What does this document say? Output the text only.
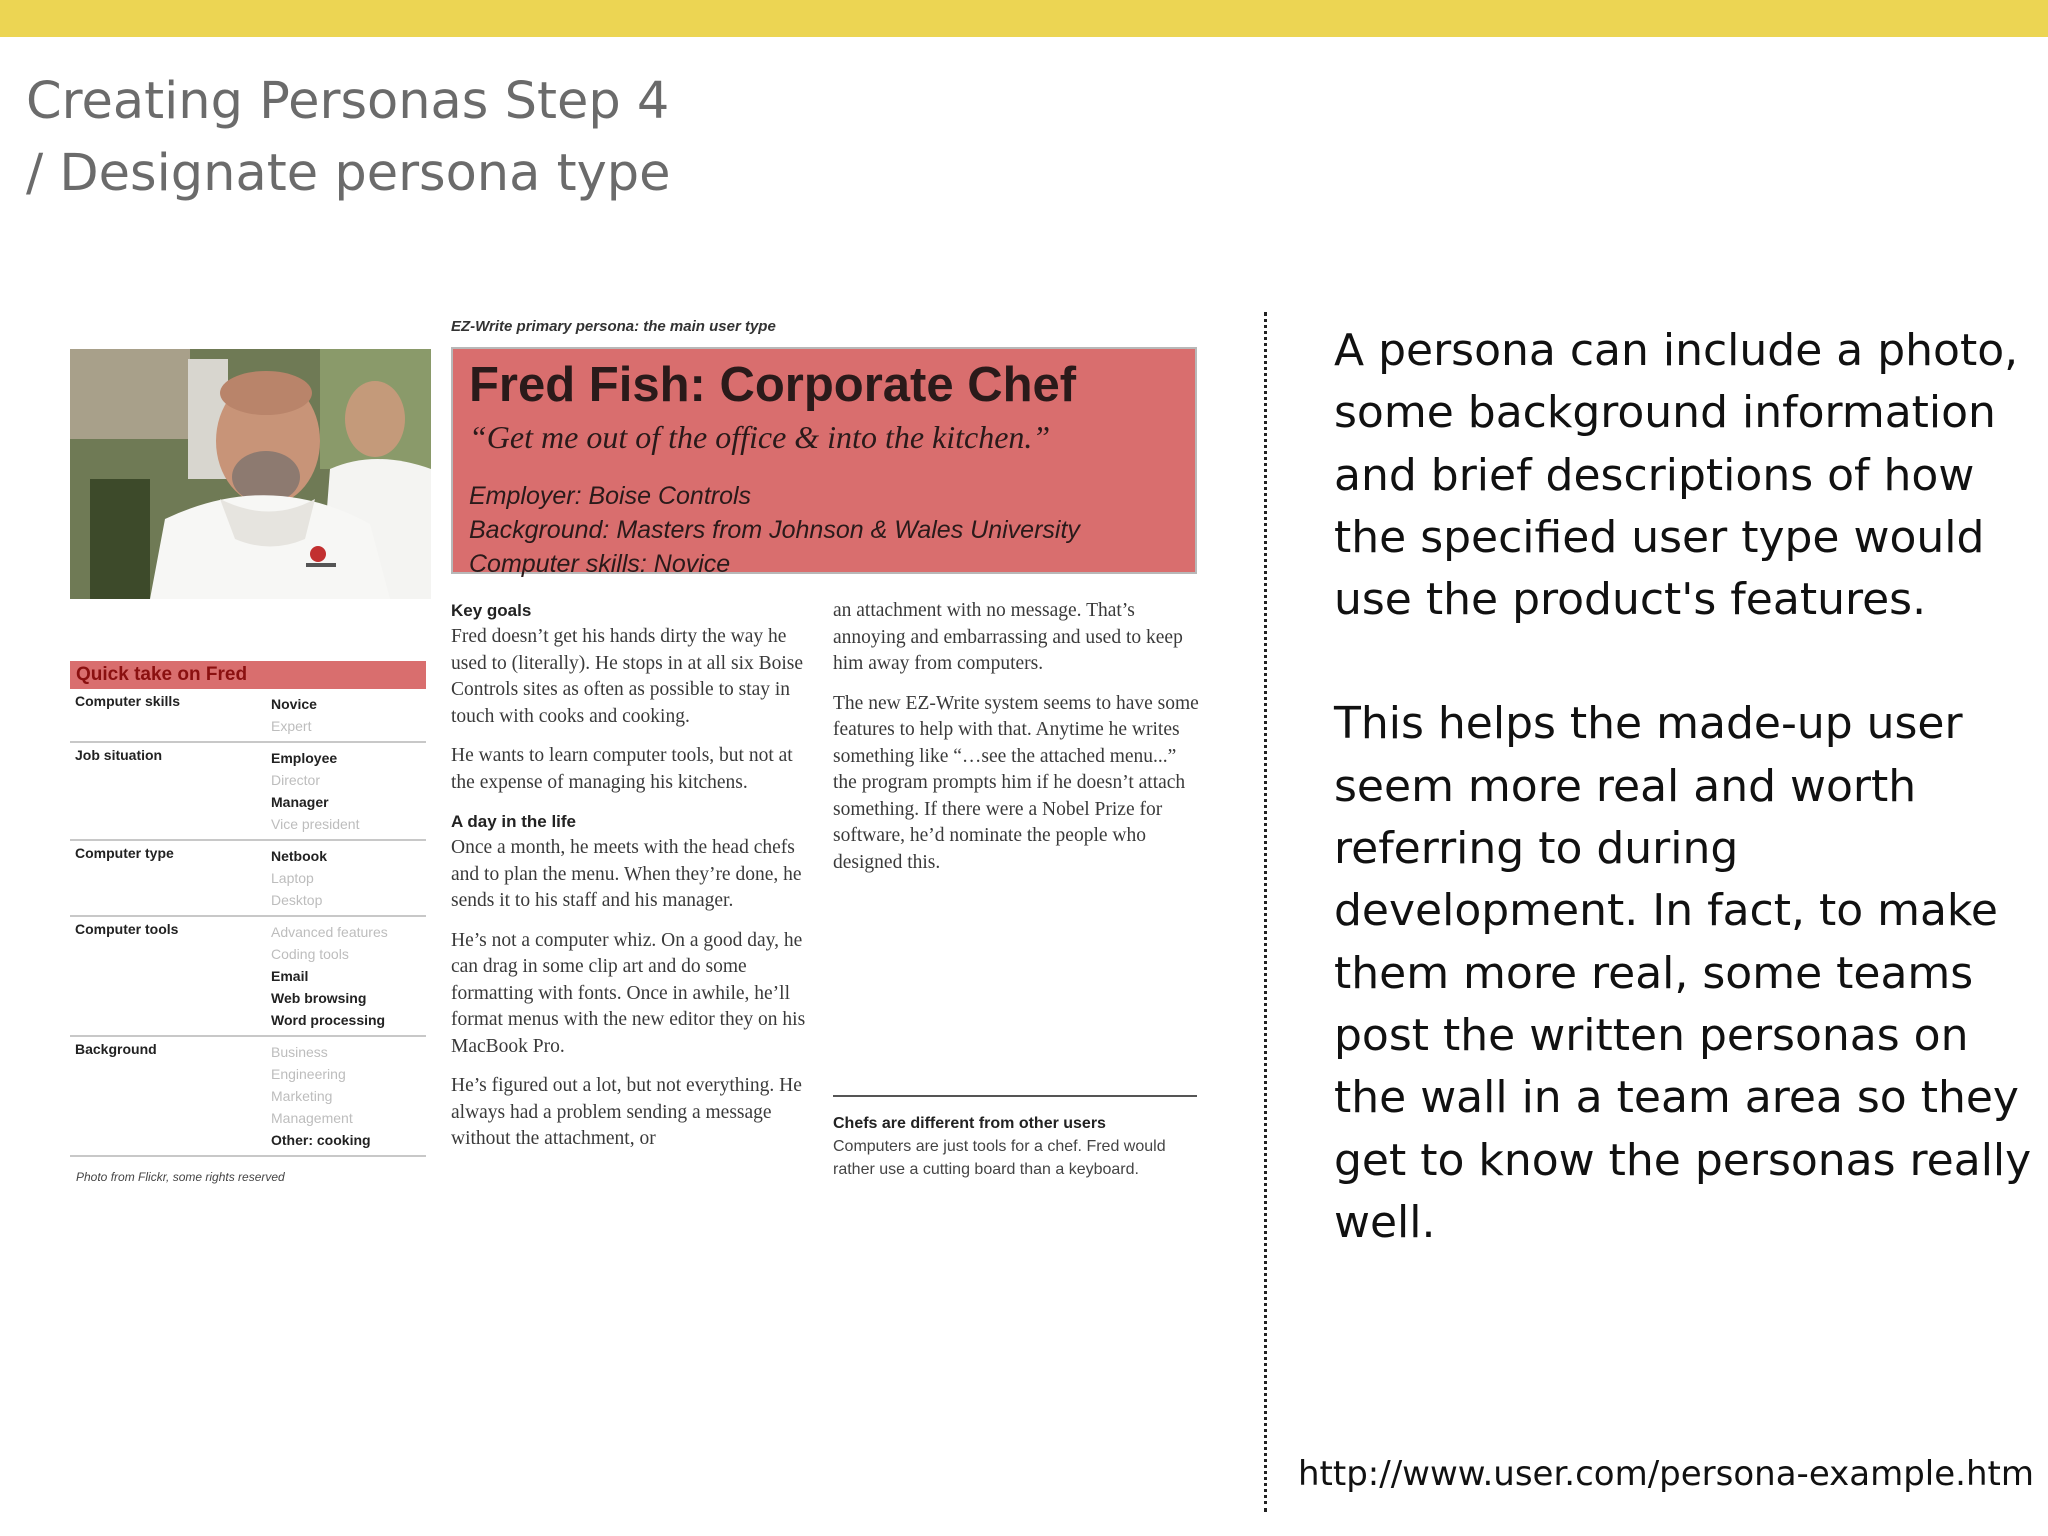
Creating Personas Step 4
/ Designate persona type
Quick take on Fred
Computer skills	Novice
Expert
Job situation	Employee
Director
Manager
Vice president
Computer type	Netbook
Laptop
Desktop
Computer tools	Advanced features
Coding tools
Email
Web browsing
Word processing
Background	Business
Engineering
Marketing
Management
Other: cooking
Photo from Flickr, some rights reserved
EZ-Write primary persona: the main user type
Fred Fish: Corporate Chef
“Get me out of the office & into the kitchen.”
Employer: Boise Controls
Background: Masters from Johnson & Wales University
Computer skills: Novice
Key goals

Fred doesn’t get his hands dirty the way he used to (literally). He stops in at all six Boise Controls sites as often as possible to stay in touch with cooks and cooking.

He wants to learn computer tools, but not at the expense of managing his kitchens.

A day in the life

Once a month, he meets with the head chefs and to plan the menu. When they’re done, he sends it to his staff and his manager.

He’s not a computer whiz. On a good day, he can drag in some clip art and do some formatting with fonts. Once in awhile, he’ll format menus with the new editor they on his MacBook Pro.

He’s figured out a lot, but not everything. He always had a problem sending a message without the attachment, or

an attachment with no message. That’s annoying and embarrassing and used to keep him away from computers.

The new EZ-Write system seems to have some features to help with that. Anytime he writes something like “…see the attached menu...” the program prompts him if he doesn’t attach something. If there were a Nobel Prize for software, he’d nominate the people who designed this.

Chefs are different from other users
Computers are just tools for a chef. Fred would rather use a cutting board than a keyboard.

A persona can include a photo, some background information and brief descriptions of how the specified user type would use the product's features.

This helps the made-up user seem more real and worth referring to during development. In fact, to make them more real, some teams post the written personas on the wall in a team area so they get to know the personas really well.

http://www.user.com/persona-example.htm
